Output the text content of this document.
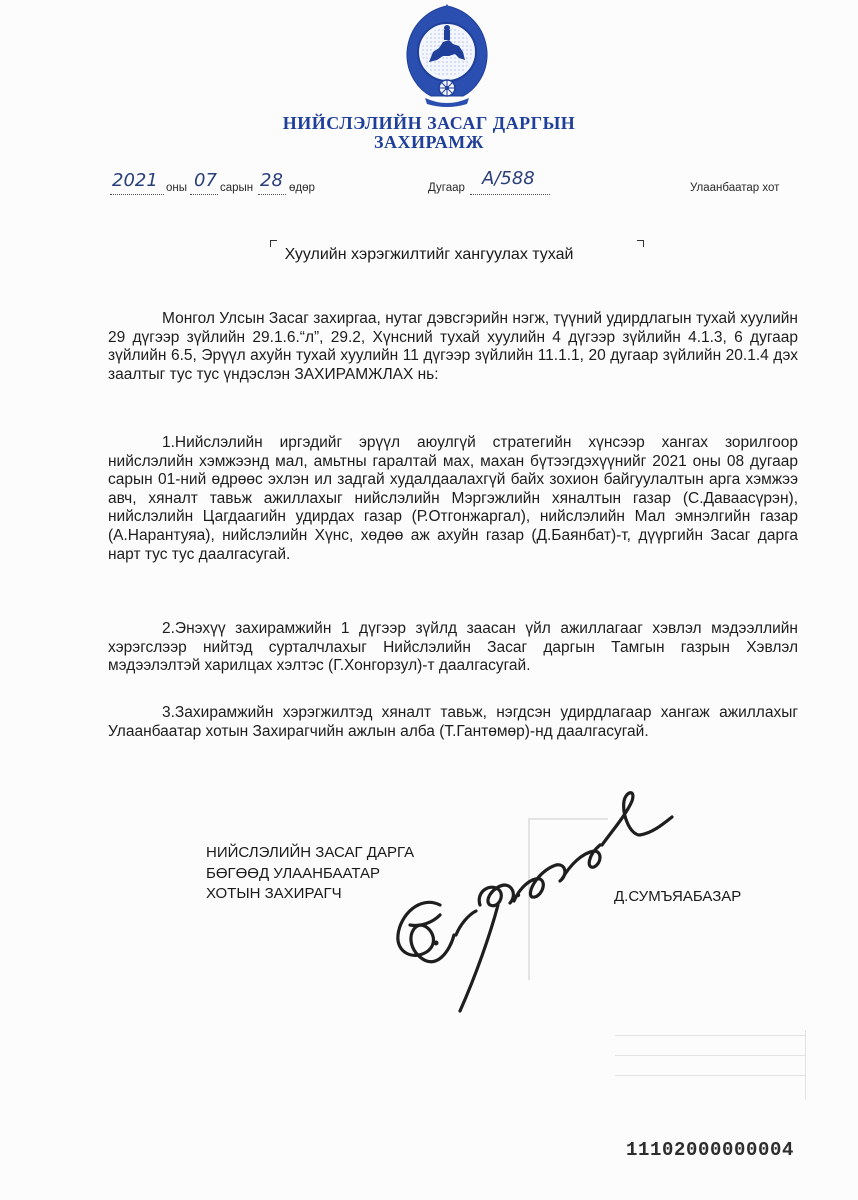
НИЙСЛЭЛИЙН ЗАСАГ ДАРГЫН
ЗАХИРАМЖ
2021 оны 07 сарын 28 өдөр	Дугаар А/588	Улаанбаатар хот
Хуулийн хэрэгжилтийг хангуулах тухай
Монгол Улсын Засаг захиргаа, нутаг дэвсгэрийн нэгж, түүний удирдлагын тухай хуулийн 29 дүгээр зүйлийн 29.1.6.“л”, 29.2, Хүнсний тухай хуулийн 4 дүгээр зүйлийн 4.1.3, 6 дугаар зүйлийн 6.5, Эрүүл ахуйн тухай хуулийн 11 дүгээр зүйлийн 11.1.1, 20 дугаар зүйлийн 20.1.4 дэх заалтыг тус тус үндэслэн ЗАХИРАМЖЛАХ нь:
1.Нийслэлийн иргэдийг эрүүл аюулгүй стратегийн хүнсээр хангах зорилгоор нийслэлийн хэмжээнд мал, амьтны гаралтай мах, махан бүтээгдэхүүнийг 2021 оны 08 дугаар сарын 01-ний өдрөөс эхлэн ил задгай худалдаалахгүй байх зохион байгуулалтын арга хэмжээ авч, хяналт тавьж ажиллахыг нийслэлийн Мэргэжлийн хяналтын газар (С.Даваасүрэн), нийслэлийн Цагдаагийн удирдах газар (Р.Отгонжаргал), нийслэлийн Мал эмнэлгийн газар (А.Нарантуяа), нийслэлийн Хүнс, хөдөө аж ахуйн газар (Д.Баянбат)-т, дүүргийн Засаг дарга нарт тус тус даалгасугай.
2.Энэхүү захирамжийн 1 дүгээр зүйлд заасан үйл ажиллагааг хэвлэл мэдээллийн хэрэгслээр нийтэд сурталчлахыг Нийслэлийн Засаг даргын Тамгын газрын Хэвлэл мэдээлэлтэй харилцах хэлтэс (Г.Хонгорзул)-т даалгасугай.
3.Захирамжийн хэрэгжилтэд хяналт тавьж, нэгдсэн удирдлагаар хангаж ажиллахыг Улаанбаатар хотын Захирагчийн ажлын алба (Т.Гантөмөр)-нд даалгасугай.
НИЙСЛЭЛИЙН ЗАСАГ ДАРГА
БӨГӨӨД УЛААНБААТАР
ХОТЫН ЗАХИРАГЧ	Д.СУМЪЯАБАЗАР
11102000000004
